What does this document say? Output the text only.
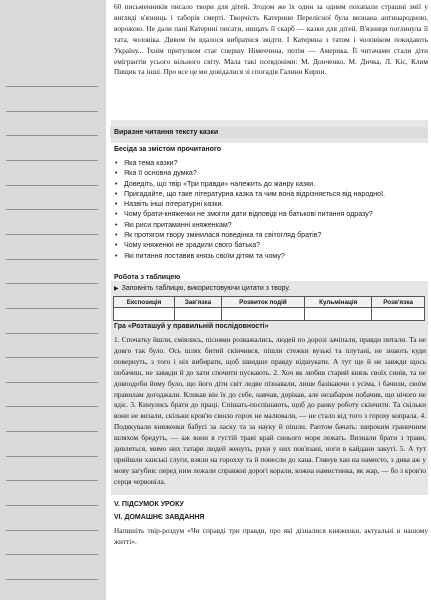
60 письменників писало твори для дітей. Згодом же їх один за одним похапали страшні змії у вигляді в'язниць і таборів смерті. Творчість Катерини Перелісної була визнана антинародною, ворожою. Не дали пані Катерині писати, нищать її скарб — казки для дітей. В'язниця поглинула її тата, чоловіка. Дивом їм вдалося вибратися звідти. І Катерина з татом і чоловіком покидають Україну... Їхнім притулком стає спершу Німеччина, потім — Америка. Її читачами стали діти емігрантів усього вільного світу. Мала такі псевдоніми: М. Донченко, М. Дичка, Л. Кіс, Клим Пищик та інші. Про все це ми довідалися зі спогадів Галини Кирпи.

Виразне читання тексту казки
Бесіда за змістом прочитаного
• Яка тема казки?
• Яка її основна думка?
• Доведіть, що твір «Три правди» належить до жанру казки.
• Пригадайте, що таке літературна казка та чим вона відрізняється від народної.
• Назвіть інші літературні казки.
• Чому брати-княженки не змогли дати відповіді на батькові питання одразу?
• Які риси притаманні княженкам?
• Як протягом твору змінилася поведінка та світогляд братів?
• Чому княженки не зрадили свого батька?
• Які питання поставив князь своїм дітям та чому?
Робота з таблицею
▶ Заповніть таблицю, використовуючи цитати з твору.
Експозиція	Зав'язка	Розвиток подій	Кульмінація	Розв'язка

Гра «Розташуй у правильній послідовності»

1. Спочатку йшли, сміялись, піснями розважались, людей по дорозі зачіпали, правди питали. Та не довго так було. Ось шлях битий скінчився, пішли стежки вузькі та плутані, не знають куди повернуть, з того і ніх вибирати, щоб швидше правду відшукати. А тут ще й не завжди щось побачиш, не завжди й до хати спочити пускають. 2. Хоч як любив старий князь своїх синів, та не довподоби йому було, що його діти світ ледве пізнавали, лише базікаючи з усіма, і бачили, своїм правилам догоджали. Кликав він їх до себе, навчав, дорікав, але незабаром побачив, що нічого не вдіє. 3. Кинулись брати до праці. Спішать-поспішають, щоб до ранку роботу скінчити. Та скільки вони не визали, скільки кров'ю своєю горох не малювали, — не стало від того з гороху копрала. 4. Подякували княженки бабусі за ласку та за науку й пішли. Раптом бачать: широким граничним шляхом бредуть, — аж вони в густій траві край синього моря лежать. Визнали брати з трави, дивляться, мимо них татари людей женуть, руки у них пов'язані, ноги в кайдани закуті. 5. А тут прийшли ханські слуги, взяли на горохху та й понесли до хана. Глянув хан на намисто, з дива аж у мову загубив: перед ним лежали справжні дорогі корали, кожна намистинка, як жар, — бо з кров'ю серця червоніла.

V. ПІДСУМОК УРОКУ
VI. ДОМАШНЄ ЗАВДАННЯ

Напишіть твір-роздум «Чи справді три правди, про які дізналися княженки, актуальні в нашому житті».
